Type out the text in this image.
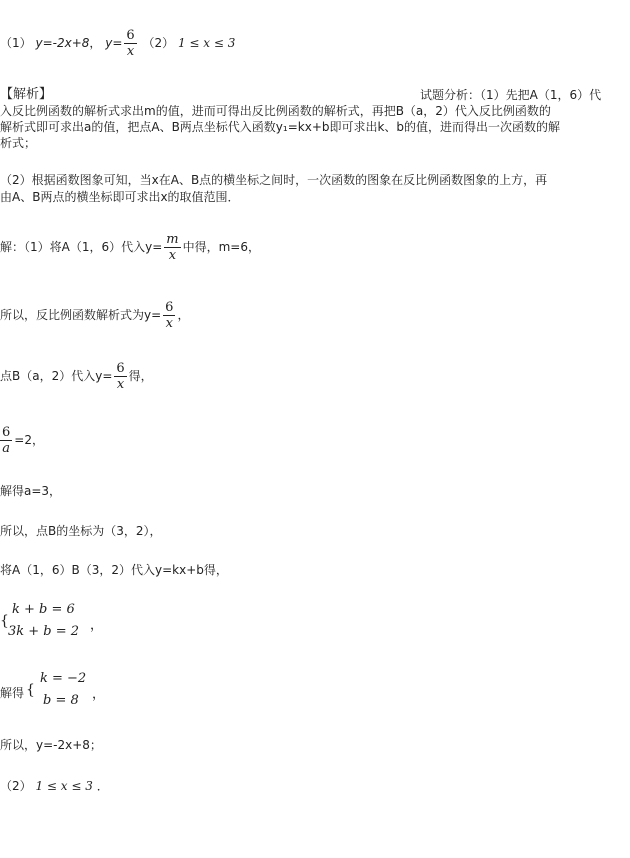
（1） y=-2x+8， $y= \frac{6}{x} (2) 1 \le x \le 3$
【解析】	试题分析：（1）先把A（1，6）代
入反比例函数的解析式求出m的值，进而可得出反比例函数的解析式，再把B（a，2）代入反比例函数的
解析式即可求出a的值，把点A、B两点坐标代入函数y₁=kx+b即可求出k、b的值，进而得出一次函数的解
析式；
（2）根据函数图象可知，当x在A、B点的横坐标之间时，一次函数的图象在反比例函数图象的上方，再
由A、B两点的横坐标即可求出x的取值范围．
解：（1）将A（1，6）代入$y= \frac{m}{x}$ 中得，m=6，
所以，反比例函数解析式为$y= \frac{6}{x}$ ，
点B（a，2）代入$y= \frac{6}{x}$ 得，
$\frac{6}{a} =2$，
解得a=3，
所以，点B的坐标为（3，2），
将A（1，6）B（3，2）代入y=kx+b得，
{
k + b = 6
3k + b = 2 ，
解得 {
k = −2
b = 8 ，
所以，y=-2x+8；
（2） 1 ≤ x ≤ 3 ．
